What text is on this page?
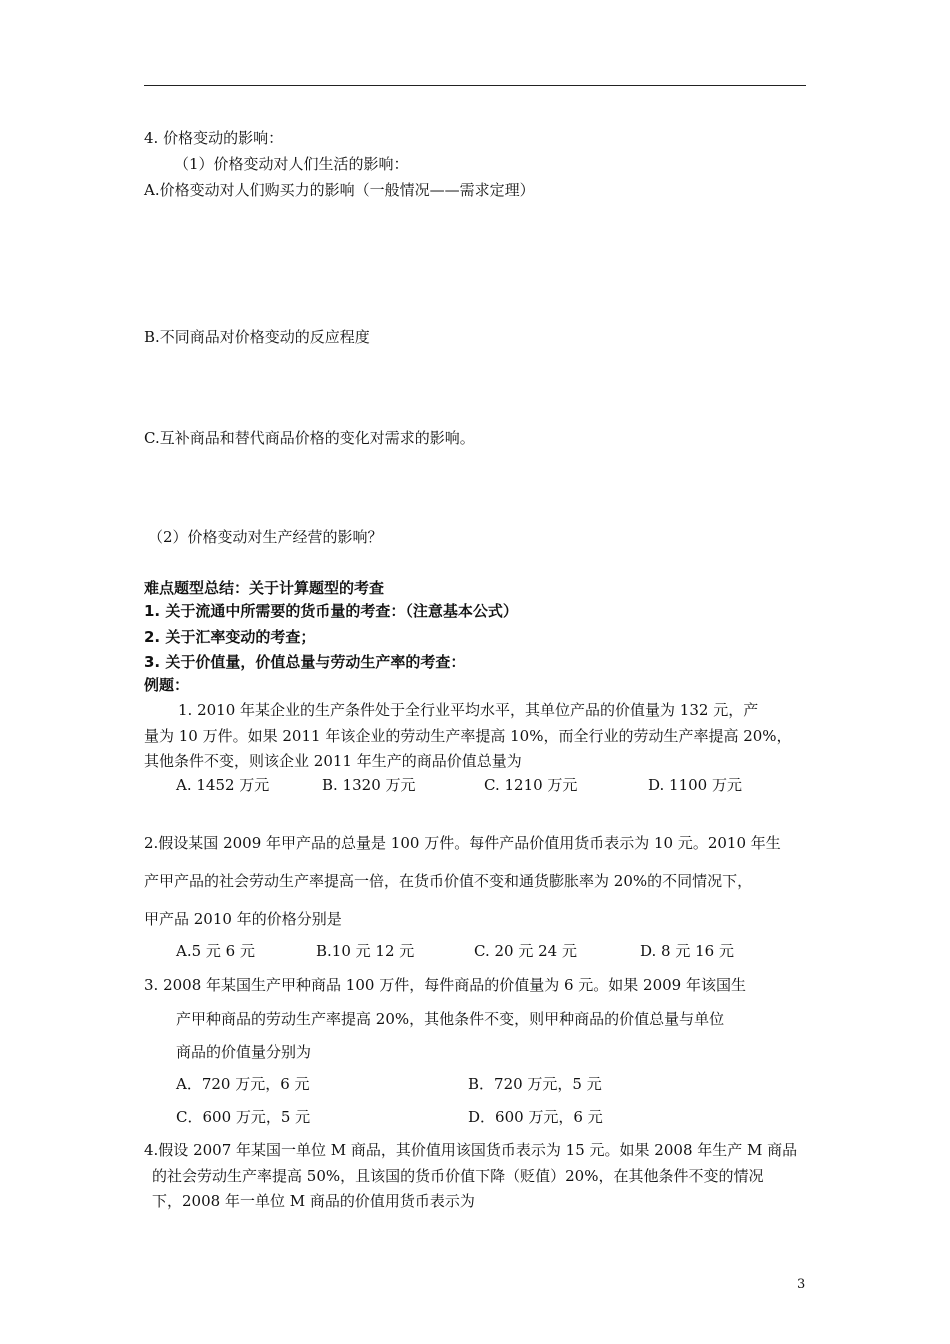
4. 价格变动的影响：
（1）价格变动对人们生活的影响：
A.价格变动对人们购买力的影响（一般情况——需求定理）
B.不同商品对价格变动的反应程度
C.互补商品和替代商品价格的变化对需求的影响。
（2）价格变动对生产经营的影响？
难点题型总结：关于计算题型的考查
1. 关于流通中所需要的货币量的考查：（注意基本公式）
2. 关于汇率变动的考查；
3. 关于价值量，价值总量与劳动生产率的考查：
例题：
1. 2010 年某企业的生产条件处于全行业平均水平，其单位产品的价值量为 132 元，产
量为 10 万件。如果 2011 年该企业的劳动生产率提高 10%，而全行业的劳动生产率提高 20%，
其他条件不变，则该企业 2011 年生产的商品价值总量为
A. 1452 万元	B. 1320 万元	C. 1210 万元	D. 1100 万元
2.假设某国 2009 年甲产品的总量是 100 万件。每件产品价值用货币表示为 10 元。2010 年生
产甲产品的社会劳动生产率提高一倍，在货币价值不变和通货膨胀率为 20%的不同情况下，
甲产品 2010 年的价格分别是
A.5 元 6 元	B.10 元 12 元	C. 20 元 24 元	D. 8 元 16 元
3. 2008 年某国生产甲种商品 100 万件，每件商品的价值量为 6 元。如果 2009 年该国生
产甲种商品的劳动生产率提高 20%，其他条件不变，则甲种商品的价值总量与单位
商品的价值量分别为
A．720 万元，6 元	B．720 万元，5 元
C．600 万元，5 元	D．600 万元，6 元
4.假设 2007 年某国一单位 M 商品，其价值用该国货币表示为 15 元。如果 2008 年生产 M 商品
的社会劳动生产率提高 50%，且该国的货币价值下降（贬值）20%，在其他条件不变的情况
下，2008 年一单位 M 商品的价值用货币表示为
3
